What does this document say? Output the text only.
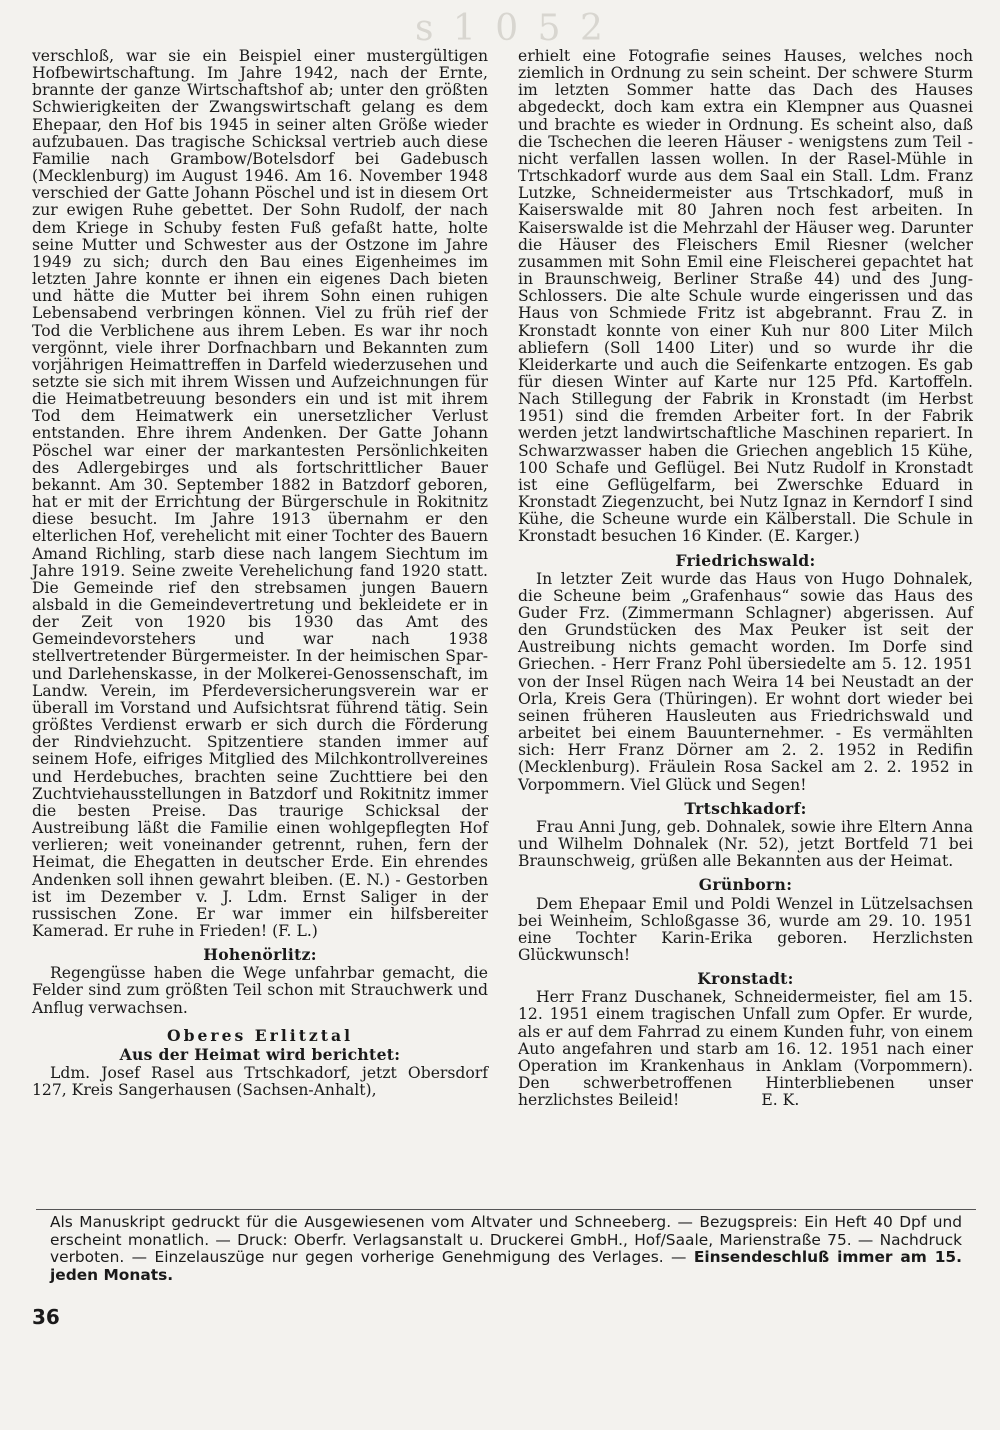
s 1 0 5 2

verschloß, war sie ein Beispiel einer mustergültigen Hofbewirtschaftung. Im Jahre 1942, nach der Ernte, brannte der ganze Wirtschaftshof ab; unter den größten Schwierigkeiten der Zwangswirtschaft gelang es dem Ehepaar, den Hof bis 1945 in seiner alten Größe wieder aufzubauen. Das tragische Schicksal vertrieb auch diese Familie nach Grambow/Botelsdorf bei Gadebusch (Mecklenburg) im August 1946. Am 16. November 1948 verschied der Gatte Johann Pöschel und ist in diesem Ort zur ewigen Ruhe gebettet. Der Sohn Rudolf, der nach dem Kriege in Schuby festen Fuß gefaßt hatte, holte seine Mutter und Schwester aus der Ostzone im Jahre 1949 zu sich; durch den Bau eines Eigenheimes im letzten Jahre konnte er ihnen ein eigenes Dach bieten und hätte die Mutter bei ihrem Sohn einen ruhigen Lebensabend verbringen können. Viel zu früh rief der Tod die Verblichene aus ihrem Leben. Es war ihr noch vergönnt, viele ihrer Dorfnachbarn und Bekannten zum vorjährigen Heimattreffen in Darfeld wiederzusehen und setzte sie sich mit ihrem Wissen und Aufzeichnungen für die Heimatbetreuung besonders ein und ist mit ihrem Tod dem Heimatwerk ein unersetzlicher Verlust entstanden. Ehre ihrem Andenken. Der Gatte Johann Pöschel war einer der markantesten Persönlichkeiten des Adlergebirges und als fortschrittlicher Bauer bekannt. Am 30. September 1882 in Batzdorf geboren, hat er mit der Errichtung der Bürgerschule in Rokitnitz diese besucht. Im Jahre 1913 übernahm er den elterlichen Hof, verehelicht mit einer Tochter des Bauern Amand Richling, starb diese nach langem Siechtum im Jahre 1919. Seine zweite Verehelichung fand 1920 statt. Die Gemeinde rief den strebsamen jungen Bauern alsbald in die Gemeindevertretung und bekleidete er in der Zeit von 1920 bis 1930 das Amt des Gemeindevorstehers und war nach 1938 stellvertretender Bürgermeister. In der heimischen Spar- und Darlehenskasse, in der Molkerei-Genossenschaft, im Landw. Verein, im Pferdeversicherungsverein war er überall im Vorstand und Aufsichtsrat führend tätig. Sein größtes Verdienst erwarb er sich durch die Förderung der Rindviehzucht. Spitzentiere standen immer auf seinem Hofe, eifriges Mitglied des Milchkontrollvereines und Herdebuches, brachten seine Zuchttiere bei den Zuchtviehausstellungen in Batzdorf und Rokitnitz immer die besten Preise. Das traurige Schicksal der Austreibung läßt die Familie einen wohlgepflegten Hof verlieren; weit voneinander getrennt, ruhen, fern der Heimat, die Ehegatten in deutscher Erde. Ein ehrendes Andenken soll ihnen gewahrt bleiben. (E. N.) - Gestorben ist im Dezember v. J. Ldm. Ernst Saliger in der russischen Zone. Er war immer ein hilfsbereiter Kamerad. Er ruhe in Frieden! (F. L.)

Hohenörlitz:

Regengüsse haben die Wege unfahrbar gemacht, die Felder sind zum größten Teil schon mit Strauchwerk und Anflug verwachsen.

Oberes Erlitztal
Aus der Heimat wird berichtet:

Ldm. Josef Rasel aus Trtschkadorf, jetzt Obersdorf 127, Kreis Sangerhausen (Sachsen-Anhalt),

erhielt eine Fotografie seines Hauses, welches noch ziemlich in Ordnung zu sein scheint. Der schwere Sturm im letzten Sommer hatte das Dach des Hauses abgedeckt, doch kam extra ein Klempner aus Quasnei und brachte es wieder in Ordnung. Es scheint also, daß die Tschechen die leeren Häuser - wenigstens zum Teil - nicht verfallen lassen wollen. In der Rasel-Mühle in Trtschkadorf wurde aus dem Saal ein Stall. Ldm. Franz Lutzke, Schneidermeister aus Trtschkadorf, muß in Kaiserswalde mit 80 Jahren noch fest arbeiten. In Kaiserswalde ist die Mehrzahl der Häuser weg. Darunter die Häuser des Fleischers Emil Riesner (welcher zusammen mit Sohn Emil eine Fleischerei gepachtet hat in Braunschweig, Berliner Straße 44) und des Jung-Schlossers. Die alte Schule wurde eingerissen und das Haus von Schmiede Fritz ist abgebrannt. Frau Z. in Kronstadt konnte von einer Kuh nur 800 Liter Milch abliefern (Soll 1400 Liter) und so wurde ihr die Kleiderkarte und auch die Seifenkarte entzogen. Es gab für diesen Winter auf Karte nur 125 Pfd. Kartoffeln. Nach Stillegung der Fabrik in Kronstadt (im Herbst 1951) sind die fremden Arbeiter fort. In der Fabrik werden jetzt landwirtschaftliche Maschinen repariert. In Schwarzwasser haben die Griechen angeblich 15 Kühe, 100 Schafe und Geflügel. Bei Nutz Rudolf in Kronstadt ist eine Geflügelfarm, bei Zwerschke Eduard in Kronstadt Ziegenzucht, bei Nutz Ignaz in Kerndorf I sind Kühe, die Scheune wurde ein Kälberstall. Die Schule in Kronstadt besuchen 16 Kinder. (E. Karger.)

Friedrichswald:

In letzter Zeit wurde das Haus von Hugo Dohnalek, die Scheune beim „Grafenhaus“ sowie das Haus des Guder Frz. (Zimmermann Schlagner) abgerissen. Auf den Grundstücken des Max Peuker ist seit der Austreibung nichts gemacht worden. Im Dorfe sind Griechen. - Herr Franz Pohl übersiedelte am 5. 12. 1951 von der Insel Rügen nach Weira 14 bei Neustadt an der Orla, Kreis Gera (Thüringen). Er wohnt dort wieder bei seinen früheren Hausleuten aus Friedrichswald und arbeitet bei einem Bauunternehmer. - Es vermählten sich: Herr Franz Dörner am 2. 2. 1952 in Redifin (Mecklenburg). Fräulein Rosa Sackel am 2. 2. 1952 in Vorpommern. Viel Glück und Segen!

Trtschkadorf:

Frau Anni Jung, geb. Dohnalek, sowie ihre Eltern Anna und Wilhelm Dohnalek (Nr. 52), jetzt Bortfeld 71 bei Braunschweig, grüßen alle Bekannten aus der Heimat.

Grünborn:

Dem Ehepaar Emil und Poldi Wenzel in Lützelsachsen bei Weinheim, Schloßgasse 36, wurde am 29. 10. 1951 eine Tochter Karin-Erika geboren. Herzlichsten Glückwunsch!

Kronstadt:

Herr Franz Duschanek, Schneidermeister, fiel am 15. 12. 1951 einem tragischen Unfall zum Opfer. Er wurde, als er auf dem Fahrrad zu einem Kunden fuhr, von einem Auto angefahren und starb am 16. 12. 1951 nach einer Operation im Krankenhaus in Anklam (Vorpommern). Den schwerbetroffenen Hinterbliebenen unser herzlichstes Beileid!	E. K.

Als Manuskript gedruckt für die Ausgewiesenen vom Altvater und Schneeberg. — Bezugspreis: Ein Heft 40 Dpf und erscheint monatlich. — Druck: Oberfr. Verlagsanstalt u. Druckerei GmbH., Hof/Saale, Marienstraße 75. — Nachdruck verboten. — Einzelauszüge nur gegen vorherige Genehmigung des Verlages. — Einsendeschluß immer am 15. jeden Monats.
36
